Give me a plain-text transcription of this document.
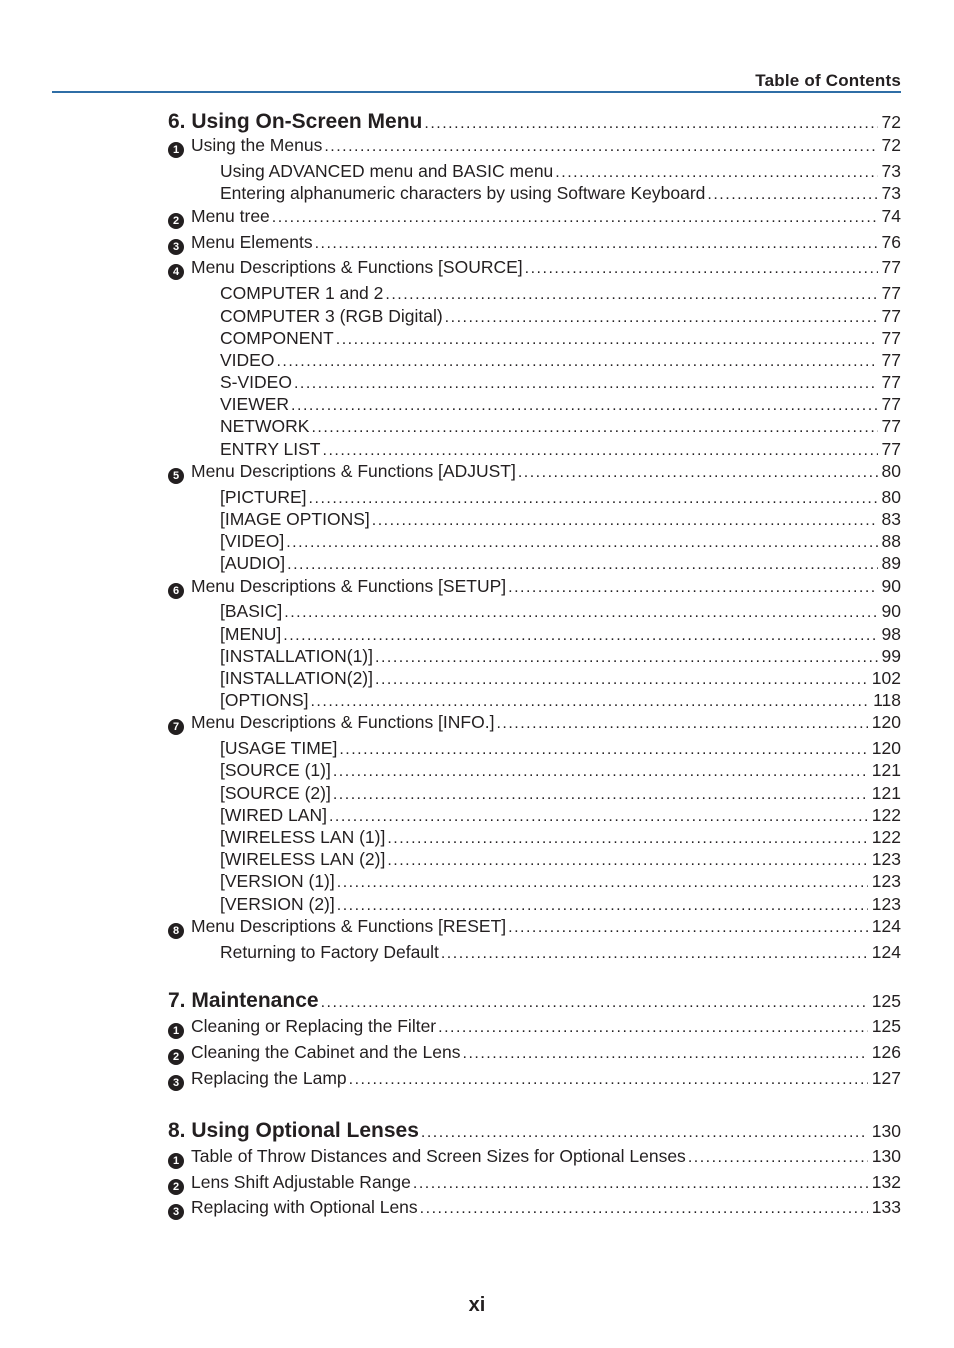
Table of Contents
6. Using On-Screen Menu .....	72
1 Using the Menus .....	72
Using ADVANCED menu and BASIC menu .....	73
Entering alphanumeric characters by using Software Keyboard .....	73
2 Menu tree .....	74
3 Menu Elements .....	76
4 Menu Descriptions & Functions [SOURCE] .....	77
COMPUTER 1 and 2 .....	77
COMPUTER 3 (RGB Digital) .....	77
COMPONENT .....	77
VIDEO .....	77
S-VIDEO .....	77
VIEWER .....	77
NETWORK .....	77
ENTRY LIST .....	77
5 Menu Descriptions & Functions [ADJUST] .....	80
[PICTURE] .....	80
[IMAGE OPTIONS] .....	83
[VIDEO] .....	88
[AUDIO] .....	89
6 Menu Descriptions & Functions [SETUP] .....	90
[BASIC] .....	90
[MENU] .....	98
[INSTALLATION(1)] .....	99
[INSTALLATION(2)] .....	102
[OPTIONS] .....	118
7 Menu Descriptions & Functions [INFO.] .....	120
[USAGE TIME] .....	120
[SOURCE (1)] .....	121
[SOURCE (2)] .....	121
[WIRED LAN] .....	122
[WIRELESS LAN (1)] .....	122
[WIRELESS LAN (2)] .....	123
[VERSION (1)] .....	123
[VERSION (2)] .....	123
8 Menu Descriptions & Functions [RESET] .....	124
Returning to Factory Default .....	124
7. Maintenance .....	125
1 Cleaning or Replacing the Filter .....	125
2 Cleaning the Cabinet and the Lens .....	126
3 Replacing the Lamp .....	127
8. Using Optional Lenses .....	130
1 Table of Throw Distances and Screen Sizes for Optional Lenses .....	130
2 Lens Shift Adjustable Range .....	132
3 Replacing with Optional Lens .....	133
xi
